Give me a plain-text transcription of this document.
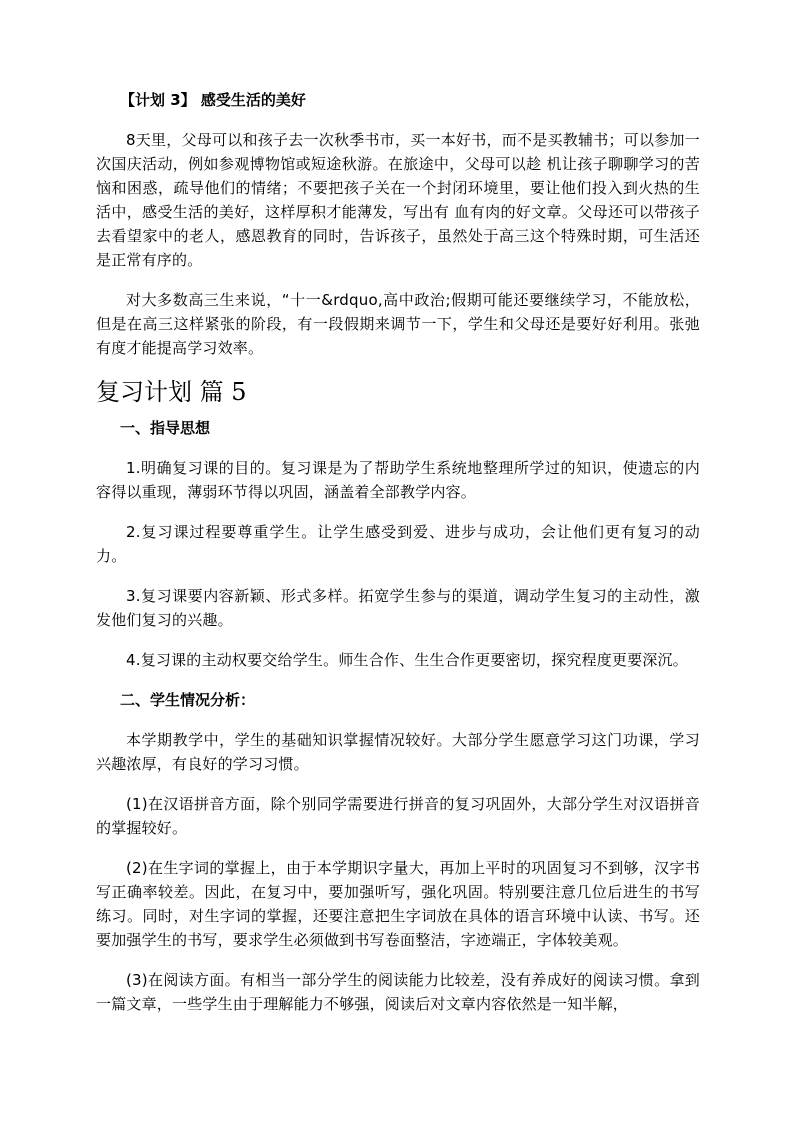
【计划 3】 感受生活的美好

8天里，父母可以和孩子去一次秋季书市，买一本好书，而不是买教辅书；可以参加一次国庆活动，例如参观博物馆或短途秋游。在旅途中，父母可以趁 机让孩子聊聊学习的苦恼和困惑，疏导他们的情绪；不要把孩子关在一个封闭环境里，要让他们投入到火热的生活中，感受生活的美好，这样厚积才能薄发，写出有 血有肉的好文章。父母还可以带孩子去看望家中的老人，感恩教育的同时，告诉孩子，虽然处于高三这个特殊时期，可生活还是正常有序的。

对大多数高三生来说，“十一&rdquo,高中政治;假期可能还要继续学习，不能放松，但是在高三这样紧张的阶段，有一段假期来调节一下，学生和父母还是要好好利用。张弛有度才能提高学习效率。

复习计划 篇 5

一、指导思想

1.明确复习课的目的。复习课是为了帮助学生系统地整理所学过的知识，使遗忘的内容得以重现，薄弱环节得以巩固，涵盖着全部教学内容。

2.复习课过程要尊重学生。让学生感受到爱、进步与成功，会让他们更有复习的动力。

3.复习课要内容新颖、形式多样。拓宽学生参与的渠道，调动学生复习的主动性，激发他们复习的兴趣。

4.复习课的主动权要交给学生。师生合作、生生合作更要密切，探究程度更要深沉。

二、学生情况分析：

本学期教学中，学生的基础知识掌握情况较好。大部分学生愿意学习这门功课，学习兴趣浓厚，有良好的学习习惯。

(1)在汉语拼音方面，除个别同学需要进行拼音的复习巩固外，大部分学生对汉语拼音的掌握较好。

(2)在生字词的掌握上，由于本学期识字量大，再加上平时的巩固复习不到够，汉字书写正确率较差。因此，在复习中，要加强听写，强化巩固。特别要注意几位后进生的书写练习。同时，对生字词的掌握，还要注意把生字词放在具体的语言环境中认读、书写。还要加强学生的书写，要求学生必须做到书写卷面整洁，字迹端正，字体较美观。

(3)在阅读方面。有相当一部分学生的阅读能力比较差，没有养成好的阅读习惯。拿到一篇文章，一些学生由于理解能力不够强，阅读后对文章内容依然是一知半解，
